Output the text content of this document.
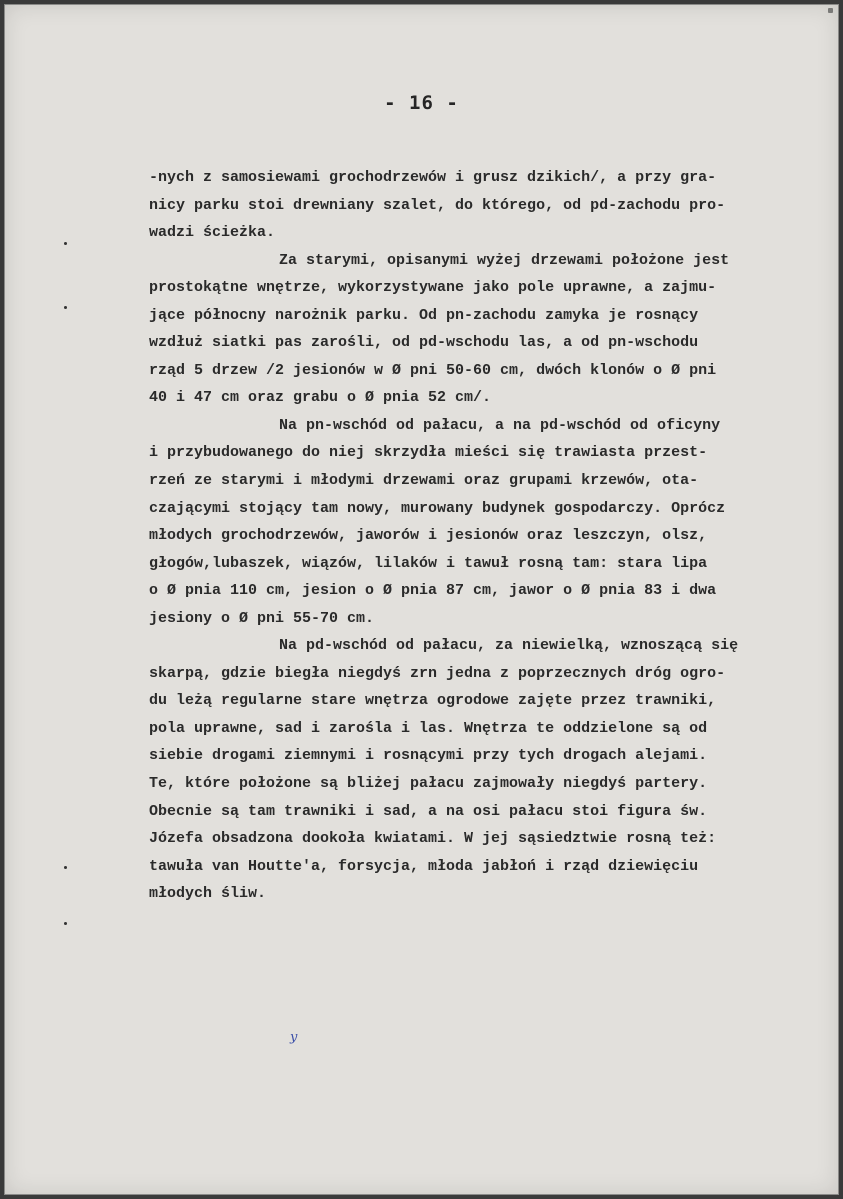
- 16 -
-nych z samosiewami grochodrzewów i grusz dzikich/, a przy gra-
nicy parku stoi drewniany szalet, do którego, od pd-zachodu pro-
wadzi ścieżka.
Za starymi, opisanymi wyżej drzewami położone jest
prostokątne wnętrze, wykorzystywane jako pole uprawne, a zajmu-
jące północny narożnik parku. Od pn-zachodu zamyka je rosnący
wzdłuż siatki pas zarośli, od pd-wschodu las, a od pn-wschodu
rząd 5 drzew /2 jesionów w Ø pni 50-60 cm, dwóch klonów o Ø pni
40 i 47 cm oraz grabu o Ø pnia 52 cm/.
Na pn-wschód od pałacu, a na pd-wschód od oficyny
i przybudowanego do niej skrzydła mieści się trawiasta przest-
rzeń ze starymi i młodymi drzewami oraz grupami krzewów, ota-
czającymi stojący tam nowy, murowany budynek gospodarczy. Oprócz
młodych grochodrzewów, jaworów i jesionów oraz leszczyn, olsz,
głogów,lubaszek, wiązów, lilaków i tawuł rosną tam: stara lipa
o Ø pnia 110 cm, jesion o Ø pnia 87 cm, jawor o Ø pnia 83 i dwa
jesiony o Ø pni 55-70 cm.
Na pd-wschód od pałacu, za niewielką, wznoszącą się
skarpą, gdzie biegła niegdyś zrn jedna z poprzecznych dróg ogro-
du leżą regularne stare wnętrza ogrodowe zajęte przez trawniki,
pola uprawne, sad i zarośla i las. Wnętrza te oddzielone są od
siebie drogami ziemnymi i rosnącymi przy tych drogach alejami.
Te, które położone są bliżej pałacu zajmowały niegdyś partery.
Obecnie są tam trawniki i sad, a na osi pałacu stoi figura św.
Józefa obsadzona dookoła kwiatami. W jej sąsiedztwie rosną też:
tawuła van Houtte'a, forsycja, młoda jabłoń i rząd dziewięciu
młodych śliw.
y
